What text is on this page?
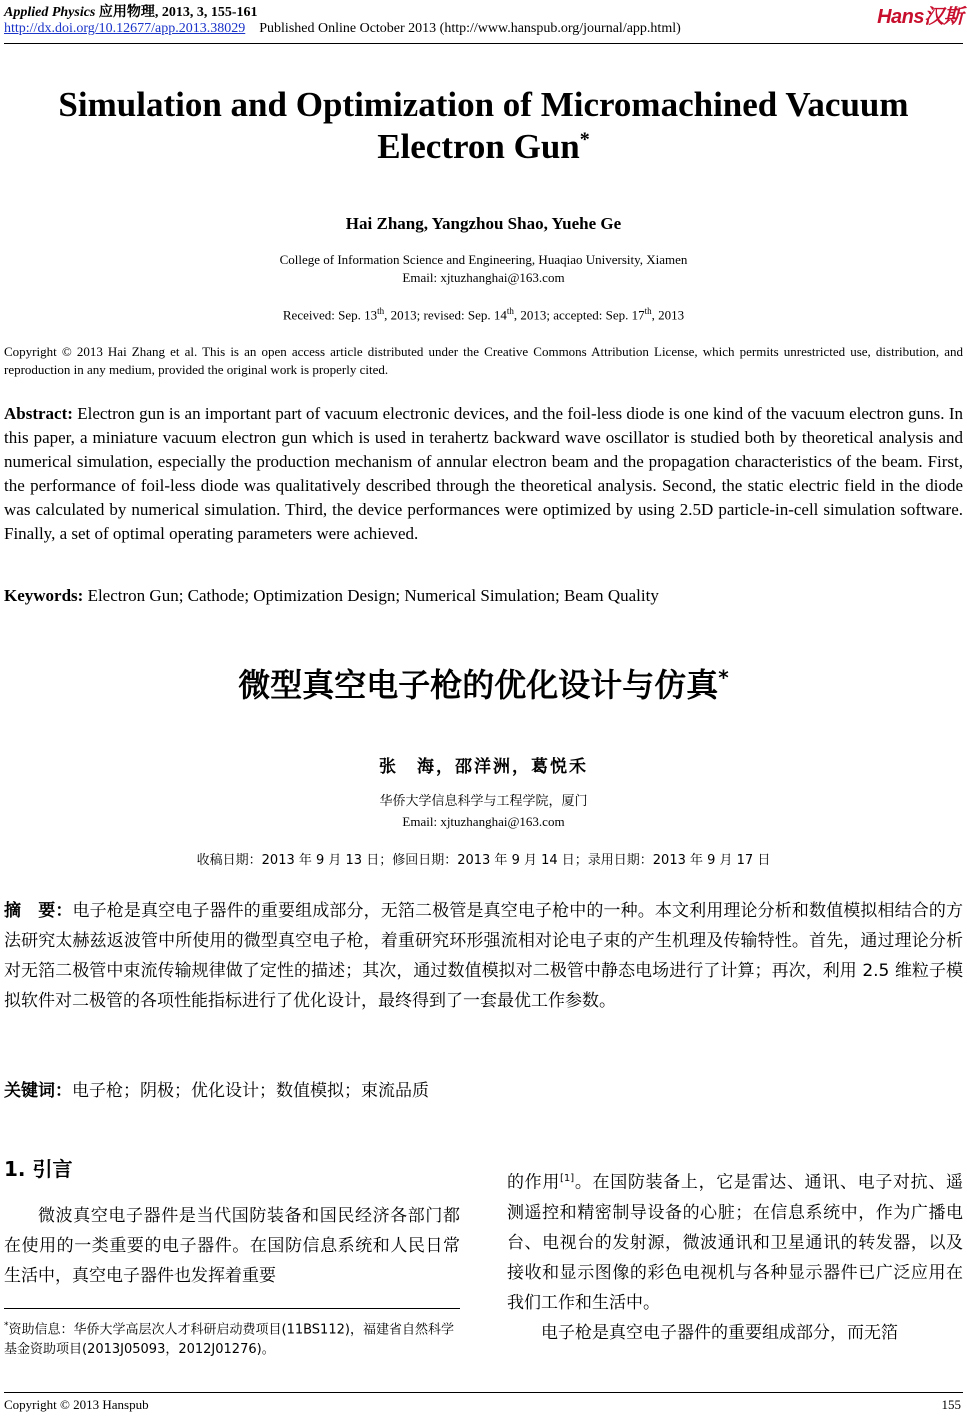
Applied Physics 应用物理, 2013, 3, 155-161	Hans汉斯
http://dx.doi.org/10.12677/app.2013.38029 Published Online October 2013 (http://www.hanspub.org/journal/app.html)
Simulation and Optimization of Micromachined Vacuum
Electron Gun*
Hai Zhang, Yangzhou Shao, Yuehe Ge
College of Information Science and Engineering, Huaqiao University, Xiamen
Email: xjtuzhanghai@163.com
Received: Sep. 13th, 2013; revised: Sep. 14th, 2013; accepted: Sep. 17th, 2013
Copyright © 2013 Hai Zhang et al. This is an open access article distributed under the Creative Commons Attribution License, which permits unrestricted use, distribution, and reproduction in any medium, provided the original work is properly cited.
Abstract: Electron gun is an important part of vacuum electronic devices, and the foil-less diode is one kind of the vacuum electron guns. In this paper, a miniature vacuum electron gun which is used in terahertz backward wave oscillator is studied both by theoretical analysis and numerical simulation, especially the production mechanism of annular electron beam and the propagation characteristics of the beam. First, the performance of foil-less diode was qualitatively described through the theoretical analysis. Second, the static electric field in the diode was calculated by numerical simulation. Third, the device performances were optimized by using 2.5D particle-in-cell simulation software. Finally, a set of optimal operating parameters were achieved.
Keywords: Electron Gun; Cathode; Optimization Design; Numerical Simulation; Beam Quality
微型真空电子枪的优化设计与仿真*
张　海，邵洋洲，葛悦禾
华侨大学信息科学与工程学院，厦门
Email: xjtuzhanghai@163.com
收稿日期：2013 年 9 月 13 日；修回日期：2013 年 9 月 14 日；录用日期：2013 年 9 月 17 日
摘　要：电子枪是真空电子器件的重要组成部分，无箔二极管是真空电子枪中的一种。本文利用理论分析和数值模拟相结合的方法研究太赫兹返波管中所使用的微型真空电子枪，着重研究环形强流相对论电子束的产生机理及传输特性。首先，通过理论分析对无箔二极管中束流传输规律做了定性的描述；其次，通过数值模拟对二极管中静态电场进行了计算；再次，利用 2.5 维粒子模拟软件对二极管的各项性能指标进行了优化设计，最终得到了一套最优工作参数。
关键词：电子枪；阴极；优化设计；数值模拟；束流品质
1. 引言

微波真空电子器件是当代国防装备和国民经济各部门都在使用的一类重要的电子器件。在国防信息系统和人民日常生活中，真空电子器件也发挥着重要

的作用[1]。在国防装备上，它是雷达、通讯、电子对抗、遥测遥控和精密制导设备的心脏；在信息系统中，作为广播电台、电视台的发射源，微波通讯和卫星通讯的转发器，以及接收和显示图像的彩色电视机与各种显示器件已广泛应用在我们工作和生活中。

电子枪是真空电子器件的重要组成部分，而无箔

*资助信息：华侨大学高层次人才科研启动费项目(11BS112)，福建省自然科学基金资助项目(2013J05093，2012J01276)。
Copyright © 2013 Hanspub	155
